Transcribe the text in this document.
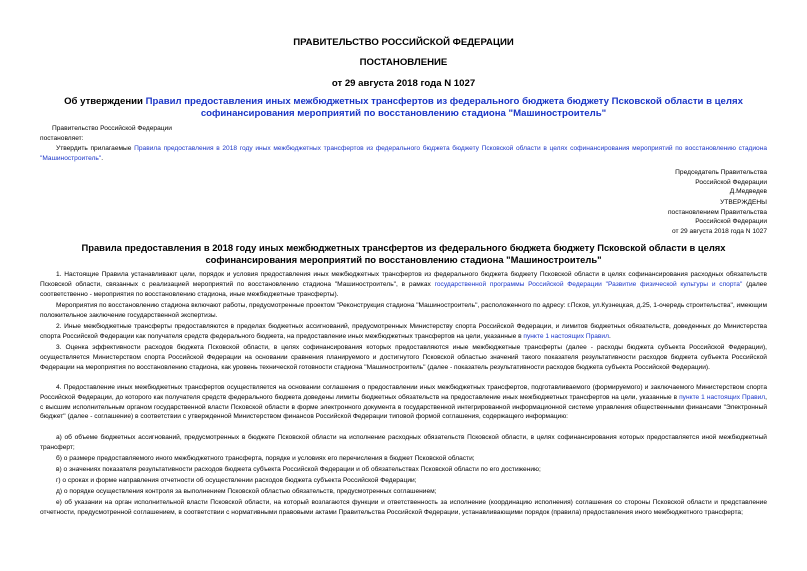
ПРАВИТЕЛЬСТВО РОССИЙСКОЙ ФЕДЕРАЦИИ
ПОСТАНОВЛЕНИЕ
от 29 августа 2018 года N 1027
Об утверждении Правил предоставления иных межбюджетных трансфертов из федерального бюджета бюджету Псковской области в целях софинансирования мероприятий по восстановлению стадиона "Машиностроитель"
Правительство Российской Федерации
постановляет:
Утвердить прилагаемые Правила предоставления в 2018 году иных межбюджетных трансфертов из федерального бюджета бюджету Псковской области в целях софинансирования мероприятий по восстановлению стадиона "Машиностроитель".
Председатель Правительства
Российской Федерации
Д.Медведев
УТВЕРЖДЕНЫ
постановлением Правительства
Российской Федерации
от 29 августа 2018 года N 1027
Правила предоставления в 2018 году иных межбюджетных трансфертов из федерального бюджета бюджету Псковской области в целях софинансирования мероприятий по восстановлению стадиона "Машиностроитель"
1. Настоящие Правила устанавливают цели, порядок и условия предоставления иных межбюджетных трансфертов из федерального бюджета бюджету Псковской области в целях софинансирования расходных обязательств Псковской области, связанных с реализацией мероприятий по восстановлению стадиона "Машиностроитель", в рамках государственной программы Российской Федерации "Развитие физической культуры и спорта" (далее соответственно - мероприятия по восстановлению стадиона, иные межбюджетные трансферты).
Мероприятия по восстановлению стадиона включают работы, предусмотренные проектом "Реконструкция стадиона "Машиностроитель", расположенного по адресу: г.Псков, ул.Кузнецкая, д.25, 1-очередь строительства", имеющим положительное заключение государственной экспертизы.
2. Иные межбюджетные трансферты предоставляются в пределах бюджетных ассигнований, предусмотренных Министерству спорта Российской Федерации, и лимитов бюджетных обязательств, доведенных до Министерства спорта Российской Федерации как получателя средств федерального бюджета, на предоставление иных межбюджетных трансфертов на цели, указанные в пункте 1 настоящих Правил.
3. Оценка эффективности расходов бюджета Псковской области, в целях софинансирования которых предоставляются иные межбюджетные трансферты (далее - расходы бюджета субъекта Российской Федерации), осуществляется Министерством спорта Российской Федерации на основании сравнения планируемого и достигнутого Псковской областью значений такого показателя результативности расходов бюджета субъекта Российской Федерации на мероприятия по восстановлению стадиона, как уровень технической готовности стадиона "Машиностроитель" (далее - показатель результативности расходов бюджета субъекта Российской Федерации).
4. Предоставление иных межбюджетных трансфертов осуществляется на основании соглашения о предоставлении иных межбюджетных трансфертов, подготавливаемого (формируемого) и заключаемого Министерством спорта Российской Федерации, до которого как получателя средств федерального бюджета доведены лимиты бюджетных обязательств на предоставление иных межбюджетных трансфертов на цели, указанные в пункте 1 настоящих Правил, с высшим исполнительным органом государственной власти Псковской области в форме электронного документа в государственной интегрированной информационной системе управления общественными финансами "Электронный бюджет" (далее - соглашение) в соответствии с утвержденной Министерством финансов Российской Федерации типовой формой соглашения, содержащего информацию:
а) об объеме бюджетных ассигнований, предусмотренных в бюджете Псковской области на исполнение расходных обязательств Псковской области, в целях софинансирования которых предоставляется иной межбюджетный трансферт;
б) о размере предоставляемого иного межбюджетного трансферта, порядке и условиях его перечисления в бюджет Псковской области;
в) о значениях показателя результативности расходов бюджета субъекта Российской Федерации и об обязательствах Псковской области по его достижению;
г) о сроках и форме направления отчетности об осуществлении расходов бюджета субъекта Российской Федерации;
д) о порядке осуществления контроля за выполнением Псковской областью обязательств, предусмотренных соглашением;
е) об указании на орган исполнительной власти Псковской области, на который возлагаются функции и ответственность за исполнение (координацию исполнения) соглашения со стороны Псковской области и представление отчетности, предусмотренной соглашением, в соответствии с нормативными правовыми актами Правительства Российской Федерации, устанавливающими порядок (правила) предоставления иного межбюджетного трансферта;
